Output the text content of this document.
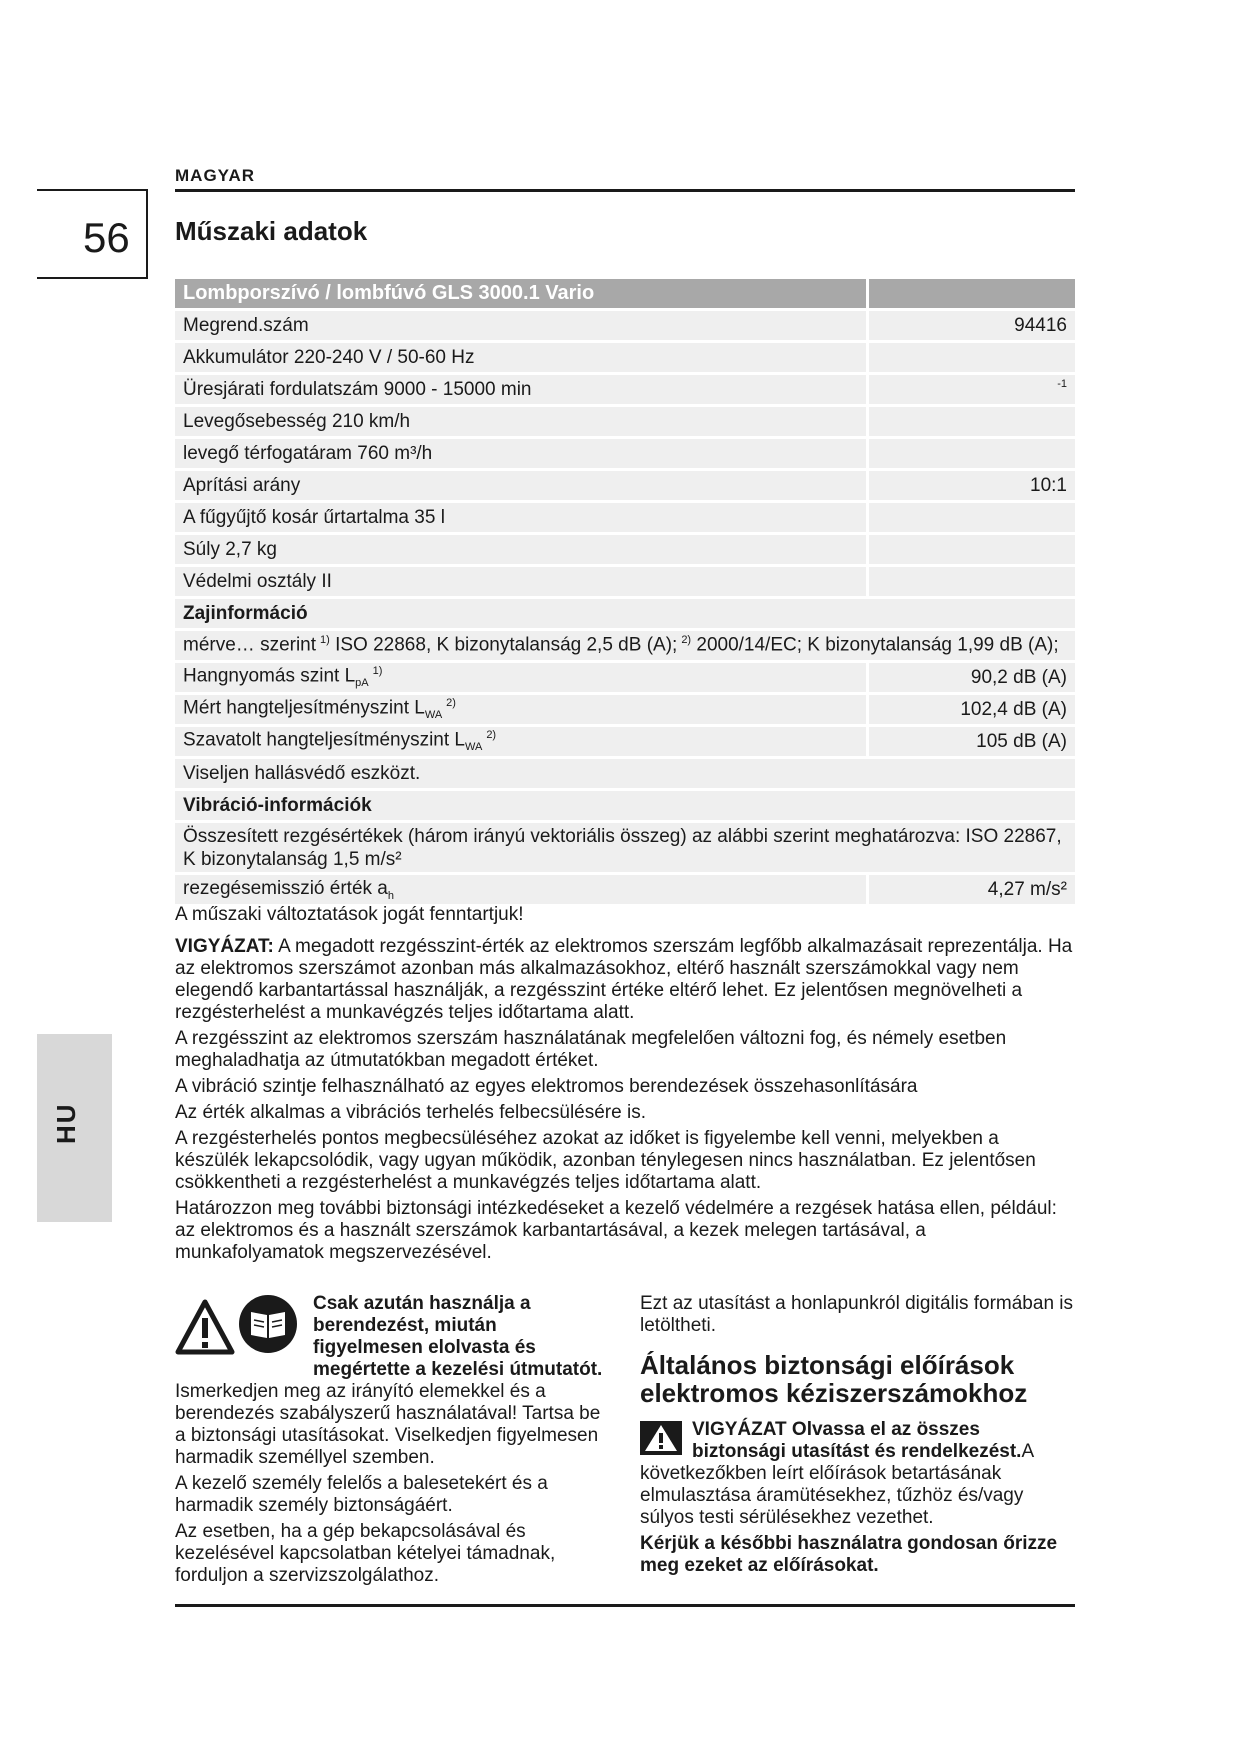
MAGYAR
56 Műszaki adatok
HU
Lombporszívó / lombfúvó GLS 3000.1 Vario	
Megrend.szám	94416
Akkumulátor 220-240 V / 50-60 Hz	
Üresjárati fordulatszám 9000 - 15000 min	$^{-1}$
Levegősebesség 210 km/h	
levegő térfogatáram 760 m³/h	
Aprítási arány	10:1
A fűgyűjtő kosár űrtartalma 35 l	
Súly 2,7 kg	
Védelmi osztály II	
Zajinformáció	
mérve… szerint $^{1)}$ ISO 22868, K bizonytalanság 2,5 dB (A); $^{2)}$ 2000/14/EC; K bizonytalanság 1,99 dB (A);	
Hangnyomás szint $L_{pA}^{1)}$	90,2 dB (A)
Mért hangteljesítményszint $L_{WA}^{2)}$	102,4 dB (A)
Szavatolt hangteljesítményszint $L_{WA}^{2)}$	105 dB (A)
Viseljen hallásvédő eszközt.	
Vibráció-információk	

Összesített rezgésértékek (három irányú vektoriális összeg) az alábbi szerint meghatározva: ISO 22867,
K bizonytalanság 1,5 m/s²	

rezegésemisszió érték $a_h$	4,27 m/s²
A műszaki változtatások jogát fenntartjuk!

VIGYÁZAT: A megadott rezgésszint-érték az elektromos szerszám legfőbb alkalmazásait reprezentálja. Ha az elektromos szerszámot azonban más alkalmazásokhoz, eltérő használt szerszámokkal vagy nem elegendő karbantartással használják, a rezgésszint értéke eltérő lehet. Ez jelentősen megnövelheti a rezgésterhelést a munkavégzés teljes időtartama alatt.

A rezgésszint az elektromos szerszám használatának megfelelően változni fog, és némely esetben meghaladhatja az útmutatókban megadott értéket.

A vibráció szintje felhasználható az egyes elektromos berendezések összehasonlítására

Az érték alkalmas a vibrációs terhelés felbecsülésére is.

A rezgésterhelés pontos megbecsüléséhez azokat az időket is figyelembe kell venni, melyekben a készülék lekapcsolódik, vagy ugyan működik, azonban ténylegesen nincs használatban. Ez jelentősen csökkentheti a rezgésterhelést a munkavégzés teljes időtartama alatt.

Határozzon meg további biztonsági intézkedéseket a kezelő védelmére a rezgések hatása ellen, például: az elektromos és a használt szerszámok karbantartásával, a kezek melegen tartásával, a munkafolyamatok megszervezésével.

Csak azután használja a berendezést, miután figyelmesen elolvasta és megértette a kezelési útmutatót. Ismerkedjen meg az irányító elemekkel és a berendezés szabályszerű használatával! Tartsa be a biztonsági utasításokat. Viselkedjen figyelmesen harmadik személlyel szemben.

A kezelő személy felelős a balesetekért és a harmadik személy biztonságáért.

Az esetben, ha a gép bekapcsolásával és kezelésével kapcsolatban kételyei támadnak, forduljon a szervizszolgálathoz.

Ezt az utasítást a honlapunkról digitális formában is letöltheti.

Általános biztonsági előírások elektromos kéziszerszámokhoz

VIGYÁZAT Olvassa el az összes biztonsági utasítást és rendelkezést.A következőkben leírt előírások betartásának elmulasztása áramütésekhez, tűzhöz és/vagy súlyos testi sérülésekhez vezethet.

Kérjük a későbbi használatra gondosan őrizze meg ezeket az előírásokat.
